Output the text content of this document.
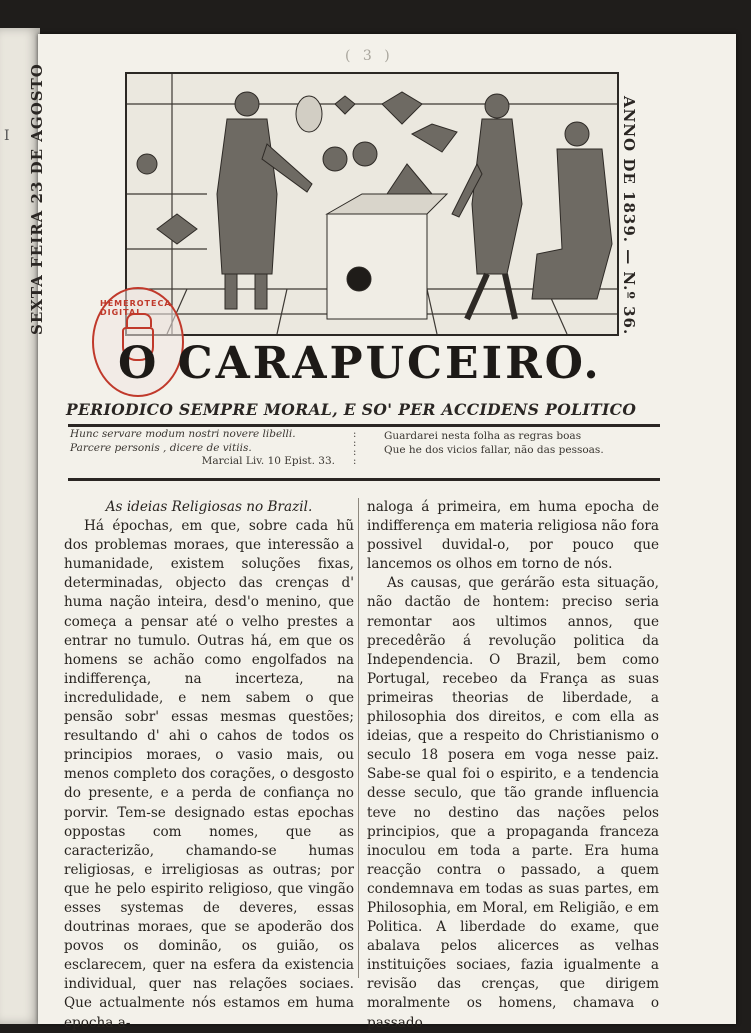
I
( 3 )
SEXTA FEIRA 23 DE AGOSTO	ANNO DE 1839. — N.º 36.
HEMEROTECA DIGITAL
O CARAPUCEIRO.
PERIODICO SEMPRE MORAL, E SO' PER ACCIDENS POLITICO
Hunc servare modum nostri novere libelli.
Parcere personis , dicere de vitiis.
Marcial Liv. 10 Epist. 33.
:
:
:
:
Guardarei nesta folha as regras boas
Que he dos vicios fallar, não das pessoas.

As ideias Religiosas no Brazil.

Há épochas, em que, sobre cada hũ dos problemas moraes, que interessão a humanidade, existem soluções fixas, determinadas, objecto das crenças d' huma nação inteira, desd'o menino, que começa a pensar até o velho prestes a entrar no tumulo. Outras há, em que os homens se achão como engolfados na indifferença, na incerteza, na incredulidade, e nem sabem o que pensão sobr' essas mesmas questões; resultando d' ahi o cahos de todos os principios moraes, o vasio mais, ou menos completo dos corações, o desgosto do presente, e a perda de confiança no porvir. Tem-se designado estas epochas oppostas com nomes, que as caracterizão, chamando-se humas religiosas, e irreligiosas as outras; por que he pelo espirito religioso, que vingão esses systemas de deveres, essas doutrinas moraes, que se apoderão dos povos os dominão, os guião, os esclarecem, quer na esfera da existencia individual, quer nas relações sociaes. Que actualmente nós estamos em huma epocha a-

naloga á primeira, em huma epocha de indifferença em materia religiosa não fora possivel duvidal-o, por pouco que lancemos os olhos em torno de nós.

As causas, que gerárão esta situação, não dactão de hontem: preciso seria remontar aos ultimos annos, que precedêrão á revolução politica da Independencia. O Brazil, bem como Portugal, recebeo da França as suas primeiras theorias de liberdade, a philosophia dos direitos, e com ella as ideias, que a respeito do Christianismo o seculo 18 posera em voga nesse paiz. Sabe-se qual foi o espirito, e a tendencia desse seculo, que tão grande influencia teve no destino das nações pelos principios, que a propaganda franceza inoculou em toda a parte. Era huma reacção contra o passado, a quem condemnava em todas as suas partes, em Philosophia, em Moral, em Religião, e em Politica. A liberdade do exame, que abalava pelos alicerces as velhas instituições sociaes, fazia igualmente a revisão das crenças, que dirigem moralmente os homens, chamava o passado
